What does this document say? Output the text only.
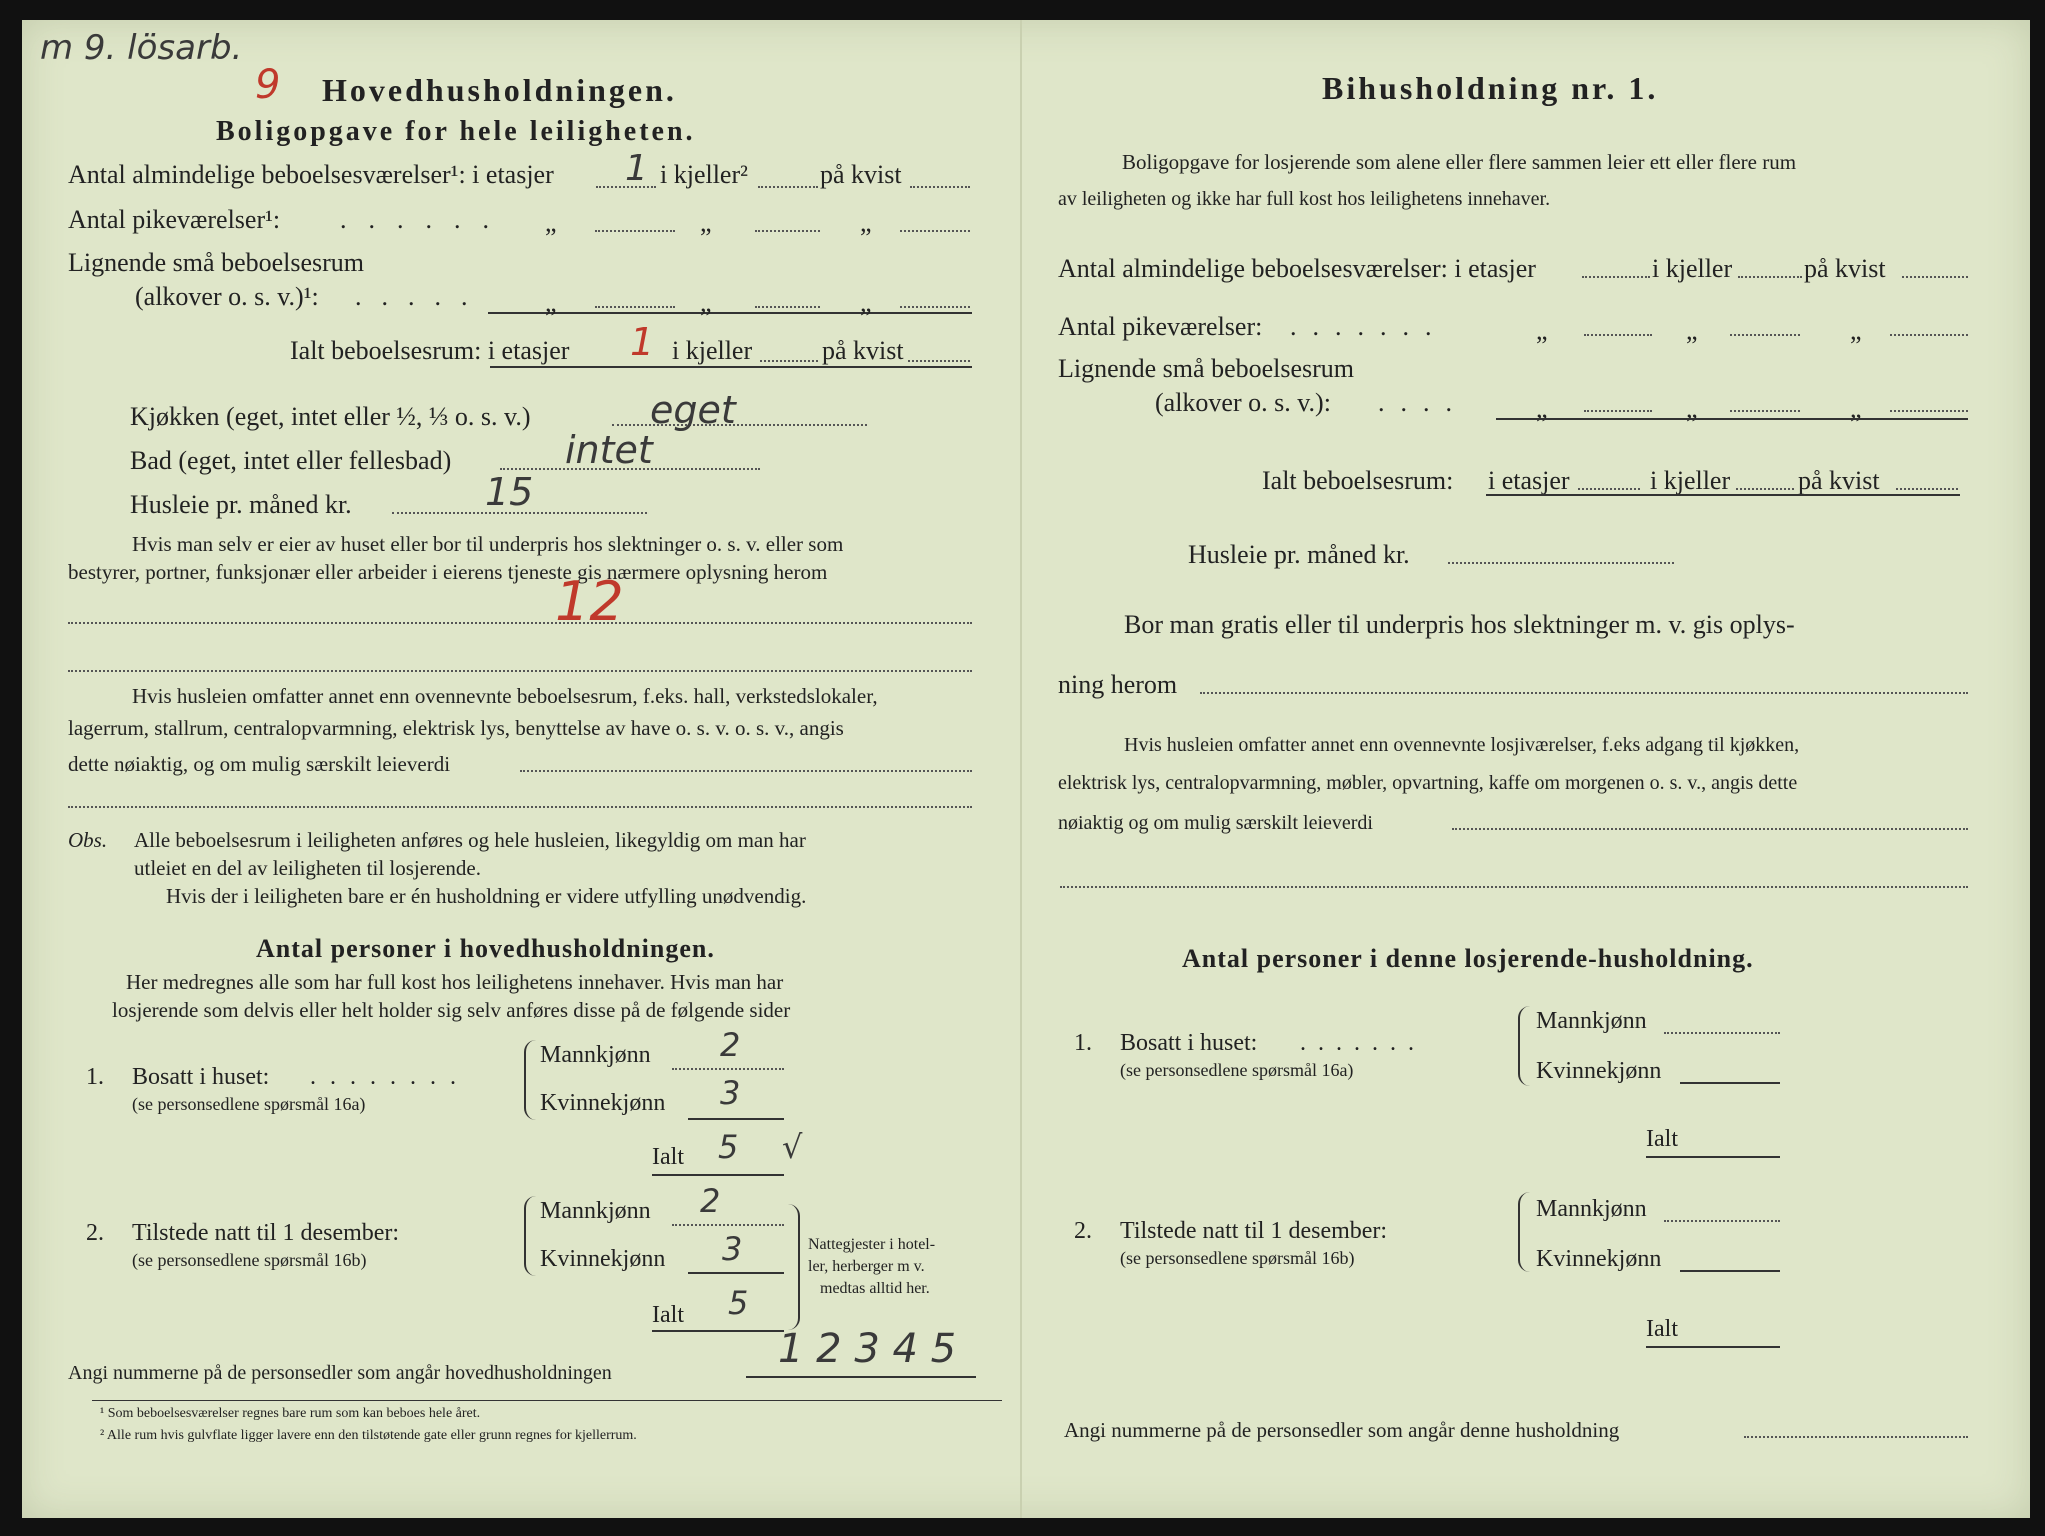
m 9. lösarb.
9 Hovedhusholdningen.
Boligopgave for hele leiligheten.
Antal almindelige beboelsesværelser¹: i etasjer 1 i kjeller²	på kvist
Antal pikeværelser¹: ...... „	„	„
Lignende små beboelsesrum
(alkover o. s. v.)¹: ..... „	„	„
Ialt beboelsesrum: i etasjer 1 i kjeller	på kvist
Kjøkken (eget, intet eller ½, ⅓ o. s. v.)	eget
Bad (eget, intet eller fellesbad)	intet
Husleie pr. måned kr.	15
Hvis man selv er eier av huset eller bor til underpris hos slektninger o. s. v. eller som
bestyrer, portner, funksjonær eller arbeider i eierens tjeneste gis nærmere oplysning herom
12
Hvis husleien omfatter annet enn ovennevnte beboelsesrum, f.eks. hall, verkstedslokaler,
lagerrum, stallrum, centralopvarmning, elektrisk lys, benyttelse av have o. s. v. o. s. v., angis
dette nøiaktig, og om mulig særskilt leieverdi
Obs. Alle beboelsesrum i leiligheten anføres og hele husleien, likegyldig om man har
utleiet en del av leiligheten til losjerende.
Hvis der i leiligheten bare er én husholdning er videre utfylling unødvendig.
Antal personer i hovedhusholdningen.
Her medregnes alle som har full kost hos leilighetens innehaver. Hvis man har
losjerende som delvis eller helt holder sig selv anføres disse på de følgende sider
1. Bosatt i huset: ........
(se personsedlene spørsmål 16a)
Mannkjønn 2
Kvinnekjønn 3
Ialt 5 √
2. Tilstede natt til 1 desember:
(se personsedlene spørsmål 16b)
Mannkjønn 2
Kvinnekjønn 3
Ialt 5
Nattegjester i hotel-
ler, herberger m v.
medtas alltid her.
Angi nummerne på de personsedler som angår hovedhusholdningen
1 2 3 4 5
¹ Som beboelsesværelser regnes bare rum som kan beboes hele året.
² Alle rum hvis gulvflate ligger lavere enn den tilstøtende gate eller grunn regnes for kjellerrum.
Bihusholdning nr. 1.
Boligopgave for losjerende som alene eller flere sammen leier ett eller flere rum
av leiligheten og ikke har full kost hos leilighetens innehaver.
Antal almindelige beboelsesværelser: i etasjer	i kjeller	på kvist
Antal pikeværelser: .......	„	„	„
Lignende små beboelsesrum
(alkover o. s. v.): ....	„	„	„
Ialt beboelsesrum: i etasjer	i kjeller	på kvist
Husleie pr. måned kr.
Bor man gratis eller til underpris hos slektninger m. v. gis oplys-
ning herom
Hvis husleien omfatter annet enn ovennevnte losjiværelser, f.eks adgang til kjøkken,
elektrisk lys, centralopvarmning, møbler, opvartning, kaffe om morgenen o. s. v., angis dette
nøiaktig og om mulig særskilt leieverdi
Antal personer i denne losjerende-husholdning.
1. Bosatt i huset: .......
(se personsedlene spørsmål 16a)
Mannkjønn
Kvinnekjønn
Ialt
2. Tilstede natt til 1 desember:
(se personsedlene spørsmål 16b)
Mannkjønn
Kvinnekjønn
Ialt
Angi nummerne på de personsedler som angår denne husholdning
